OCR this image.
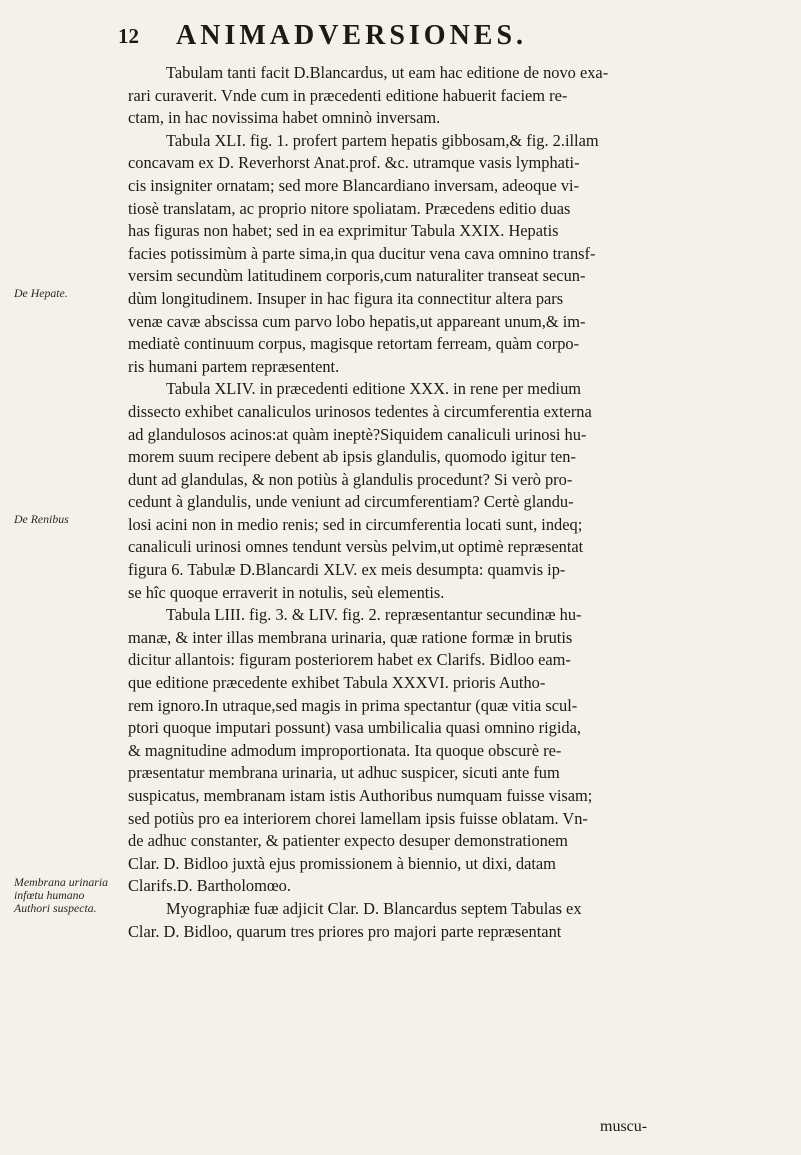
12 ANIMADVERSIONES.
De Hepate.
De Renibus
Membrana urinaria infœtu humano Authori suspecta.

Tabulam tanti facit D.Blancardus, ut eam hac editione de novo exa-
rari curaverit. Vnde cum in præcedenti editione habuerit faciem re-
ctam, in hac novissima habet omninò inversam.

Tabula XLI. fig. 1. profert partem hepatis gibbosam,& fig. 2.illam
concavam ex D. Reverhorst Anat.prof. &c. utramque vasis lymphati-
cis insigniter ornatam; sed more Blancardiano inversam, adeoque vi-
tiosè translatam, ac proprio nitore spoliatam. Præcedens editio duas
has figuras non habet; sed in ea exprimitur Tabula XXIX. Hepatis
facies potissimùm à parte sima,in qua ducitur vena cava omnino transf-
versim secundùm latitudinem corporis,cum naturaliter transeat secun-
dùm longitudinem. Insuper in hac figura ita connectitur altera pars
venæ cavæ abscissa cum parvo lobo hepatis,ut appareant unum,& im-
mediatè continuum corpus, magisque retortam ferream, quàm corpo-
ris humani partem repræsentent.

Tabula XLIV. in præcedenti editione XXX. in rene per medium
dissecto exhibet canaliculos urinosos tedentes à circumferentia externa
ad glandulosos acinos:at quàm ineptè?Siquidem canaliculi urinosi hu-
morem suum recipere debent ab ipsis glandulis, quomodo igitur ten-
dunt ad glandulas, & non potiùs à glandulis procedunt? Si verò pro-
cedunt à glandulis, unde veniunt ad circumferentiam? Certè glandu-
losi acini non in medio renis; sed in circumferentia locati sunt, indeq;
canaliculi urinosi omnes tendunt versùs pelvim,ut optimè repræsentat
figura 6. Tabulæ D.Blancardi XLV. ex meis desumpta: quamvis ip-
se hîc quoque erraverit in notulis, seù elementis.

Tabula LIII. fig. 3. & LIV. fig. 2. repræsentantur secundinæ hu-
manæ, & inter illas membrana urinaria, quæ ratione formæ in brutis
dicitur allantois: figuram posteriorem habet ex Clarifs. Bidloo eam-
que editione præcedente exhibet Tabula XXXVI. prioris Autho-
rem ignoro.In utraque,sed magis in prima spectantur (quæ vitia scul-
ptori quoque imputari possunt) vasa umbilicalia quasi omnino rigida,
& magnitudine admodum improportionata. Ita quoque obscurè re-
præsentatur membrana urinaria, ut adhuc suspicer, sicuti ante fum
suspicatus, membranam istam istis Authoribus numquam fuisse visam;
sed potiùs pro ea interiorem chorei lamellam ipsis fuisse oblatam. Vn-
de adhuc constanter, & patienter expecto desuper demonstrationem
Clar. D. Bidloo juxtà ejus promissionem à biennio, ut dixi, datam
Clarifs.D. Bartholomœo.

Myographiæ fuæ adjicit Clar. D. Blancardus septem Tabulas ex
Clar. D. Bidloo, quarum tres priores pro majori parte repræsentant

muscu-
